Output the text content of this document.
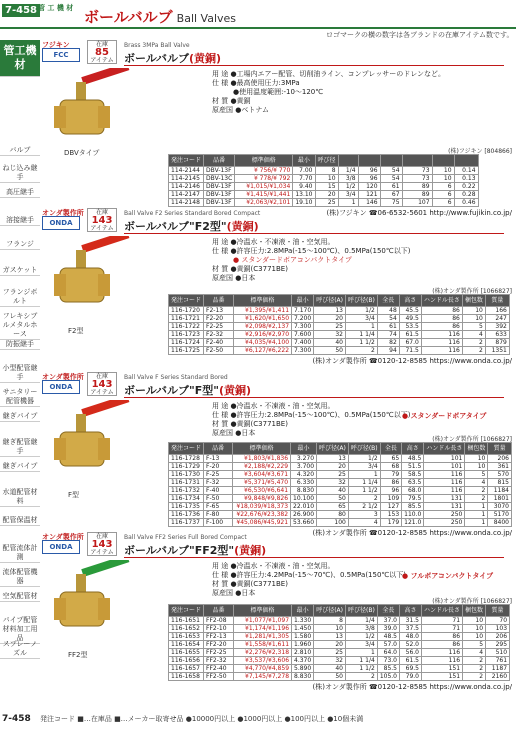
7-458 管 工 機 材 ボールバルブ Ball Valves
ロゴマークの横の数字は各ブランドの在庫アイテム数です。
管工機材
バルブ
ねじ込み継手
高圧継手
溶接継手
フランジ
ガスケット
フランジボルト
フレキシブルメタルホース
防振継手
小型配管継手
サニタリー配管機器
継ぎパイプ
継ぎ配管継手
継ぎパイプ
水道配管材料
配管保温材
配管流体計測
流体配管機器
空気配管材
パイプ配管材料加工用品
スプレーノズル
フジキン
FCC
在庫
85
アイテム
Brass 3MPa Ball Valve
ボールバルブ(黄銅)
用 途 ●工場内エアー配管、切削油ライン、コンプレッサーのドレンなど。
仕 様 ●最高使用圧力:3MPa
　　　●使用温度範囲:-10～120℃
材 質 ●黄銅
原産国 ●ベトナム
DBVタイプ	(株)フジキン [804866]
発注コード	品番	標準価格	最小	呼び径						
114-2144	DBV-13F	¥ 756/¥ 770	7.00	8	1/4	96	54	73	10	0.14
114-2145	DBV-13C	¥ 778/¥ 792	7.70	10	3/8	96	54	73	10	0.13
114-2146	DBV-13F	¥1,015/¥1,034	9.40	15	1/2	120	61	89	6	0.22
114-2147	DBV-13F	¥1,415/¥1,441	13.10	20	3/4	121	67	89	6	0.28
114-2148	DBV-13F	¥2,063/¥2,101	19.10	25	1	146	75	107	6	0.46
(株)フジキン ☎06-6532-5601 http://www.fujikin.co.jp/
オンダ製作所
ONDA
在庫
143
アイテム
Ball Valve F2 Series Standard Bored Compact
ボールバルブ"F2型"(黄銅)
用 途 ●冷温水・不凍液・油・空気用。
仕 様 ●許容圧力:2.8MPa(-15～100℃)、0.5MPa(150℃以下)
　　　● スタンダードボアコンパクトタイプ
材 質 ●黄銅(C3771BE)
原産国 ●日本
F2型
(株)オンダ製作所 [1066827]
発注コード	品番	標準価格	最小	呼び径(A)	呼び径(B)	全長	高さ	ハンドル長さ	梱包数	質量
116-1720	F2-13	¥1,395/¥1,411	7.170	13	1/2	48	45.5	86	10	166
116-1721	F2-20	¥1,620/¥1,650	7.200	20	3/4	54	49.5	86	10	247
116-1722	F2-25	¥2,098/¥2,137	7.300	25	1	61	53.5	86	5	392
116-1723	F2-32	¥2,916/¥2,970	7.600	32	1 1/4	74	61.5	116	4	633
116-1724	F2-40	¥4,035/¥4,100	7.400	40	1 1/2	82	67.0	116	2	879
116-1725	F2-50	¥6,127/¥6,222	7.300	50	2	94	71.5	116	2	1351
(株)オンダ製作所 ☎0120-12-8585 https://www.onda.co.jp/
オンダ製作所
ONDA
在庫
143
アイテム
Ball Valve F Series Standard Bored
ボールバルブ"F型"(黄銅)
用 途 ●冷温水・不凍液・油・空気用。
仕 様 ●許容圧力:2.8MPa(-15～100℃)、0.5MPa(150℃以下)
材 質 ●黄銅(C3771BE)
原産国 ●日本
● スタンダードボアタイプ
F型
(株)オンダ製作所 [1066827]
発注コード	品番	標準価格	最小	呼び径(A)	呼び径(B)	全長	高さ	ハンドル長さ	梱包数	質量
116-1728	F-13	¥1,803/¥1,836	3.270	13	1/2	65	48.5	101	10	206
116-1729	F-20	¥2,188/¥2,229	3.700	20	3/4	68	51.5	101	10	361
116-1730	F-25	¥3,604/¥3,671	4.320	25	1	79	58.5	116	5	570
116-1731	F-32	¥5,371/¥5,470	6.330	32	1 1/4	86	63.5	116	4	815
116-1732	F-40	¥6,530/¥6,641	8.830	40	1 1/2	96	68.0	116	2	1184
116-1734	F-50	¥9,848/¥9,826	10.100	50	2	109	79.5	131	2	1801
116-1735	F-65	¥18,039/¥18,373	22.010	65	2 1/2	127	85.5	131	1	3070
116-1736	F-80	¥22,676/¥23,382	26.900	80	3	153	110.0	250	1	5170
116-1737	F-100	¥45,086/¥45,921	53.660	100	4	179	121.0	250	1	8400
(株)オンダ製作所 ☎0120-12-8585 https://www.onda.co.jp/
オンダ製作所
ONDA
在庫
143
アイテム
Ball Valve FF2 Series Full Bored Compact
ボールバルブ"FF2型"(黄銅)
用 途 ●冷温水・不凍液・油・空気用。
仕 様 ●許容圧力:4.2MPa(-15～70℃)、0.5MPa(150℃以下)
材 質 ●黄銅(C3771BE)
原産国 ●日本
● フルボアコンパクトタイプ
FF2型
(株)オンダ製作所 [1066827]
発注コード	品番	標準価格	最小	呼び径(A)	呼び径(B)	全長	高さ	ハンドル長さ	梱包数	質量
116-1651	FF2-08	¥1,077/¥1,097	1.330	8	1/4	37.0	31.5	71	10	70
116-1652	FF2-10	¥1,174/¥1,196	1.450	10	3/8	39.0	37.5	71	10	103
116-1653	FF2-13	¥1,281/¥1,305	1.580	13	1/2	48.5	48.0	86	10	206
116-1654	FF2-20	¥1,558/¥1,611	1.960	20	3/4	57.0	52.0	86	5	295
116-1655	FF2-25	¥2,276/¥2,318	2.810	25	1	64.0	56.0	116	4	510
116-1656	FF2-32	¥3,537/¥3,606	4.370	32	1 1/4	73.0	61.5	116	2	761
116-1657	FF2-40	¥4,770/¥4,859	5.890	40	1 1/2	85.5	69.5	151	2	1187
116-1658	FF2-50	¥7,145/¥7,278	8.830	50	2	105.0	79.0	151	2	2160
(株)オンダ製作所 ☎0120-12-8585 https://www.onda.co.jp/
7-458 発注コード ■…在庫品 ■…メーカー取寄せ品 ●10000円以上 ●1000円以上 ●100円以上 ●10個未満
